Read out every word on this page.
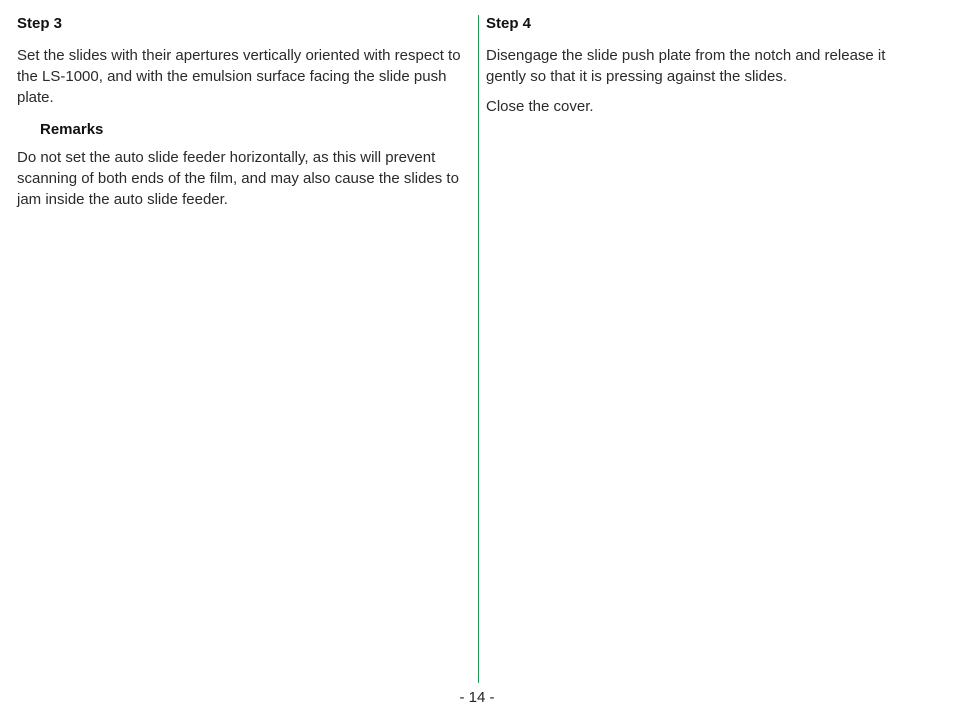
Step 3

Set the slides with their apertures vertically oriented with respect to the LS-1000, and with the emulsion surface facing the slide push plate.

Remarks

Do not set the auto slide feeder horizontally, as this will prevent scanning of both ends of the film, and may also cause the slides to jam inside the auto slide feeder.

Step 4

Disengage the slide push plate from the notch and release it gently so that it is pressing against the slides.

Close the cover.

- 14 -
